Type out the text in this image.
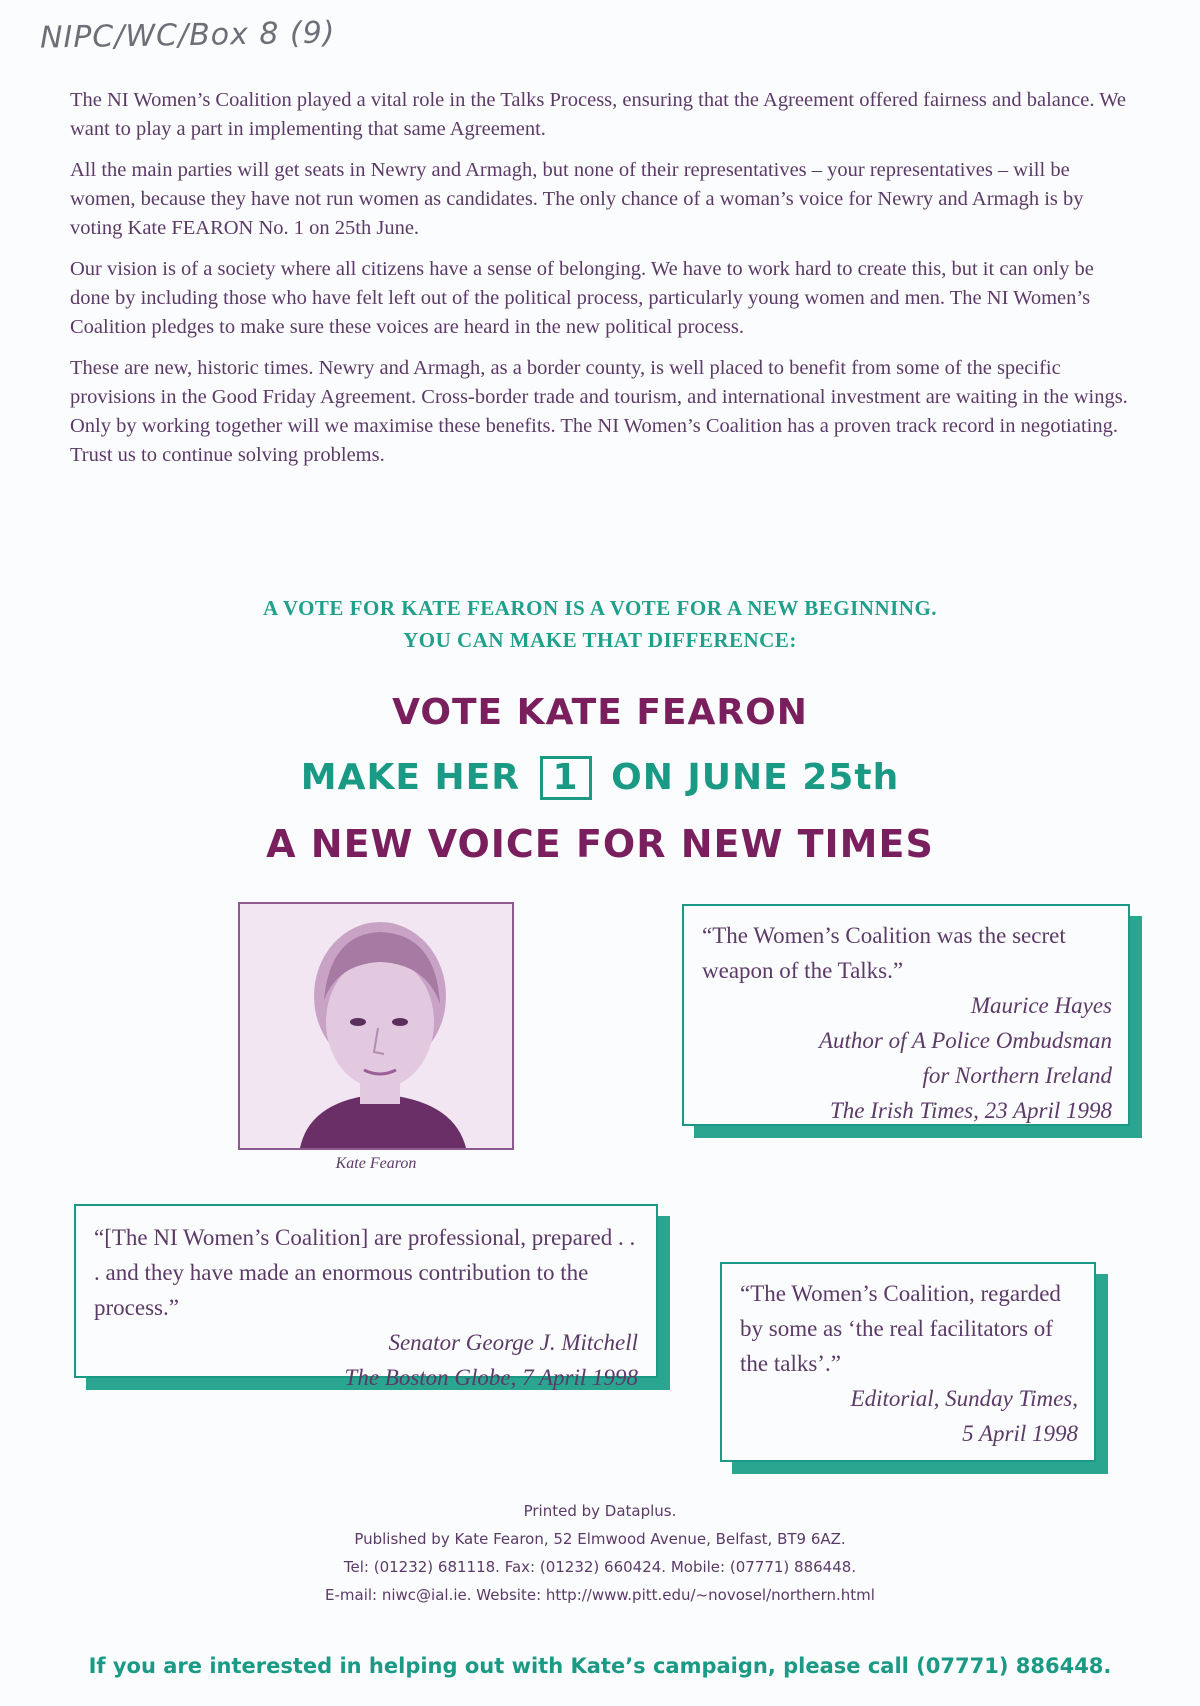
NIPC/WC/Box 8 (9)

The NI Women’s Coalition played a vital role in the Talks Process, ensuring that the Agreement offered fairness and balance. We want to play a part in implementing that same Agreement.

All the main parties will get seats in Newry and Armagh, but none of their representatives – your representatives – will be women, because they have not run women as candidates. The only chance of a woman’s voice for Newry and Armagh is by voting Kate FEARON No. 1 on 25th June.

Our vision is of a society where all citizens have a sense of belonging. We have to work hard to create this, but it can only be done by including those who have felt left out of the political process, particularly young women and men. The NI Women’s Coalition pledges to make sure these voices are heard in the new political process.

These are new, historic times. Newry and Armagh, as a border county, is well placed to benefit from some of the specific provisions in the Good Friday Agreement. Cross-border trade and tourism, and international investment are waiting in the wings. Only by working together will we maximise these benefits. The NI Women’s Coalition has a proven track record in negotiating. Trust us to continue solving problems.

A VOTE FOR KATE FEARON IS A VOTE FOR A NEW BEGINNING.
YOU CAN MAKE THAT DIFFERENCE:
VOTE KATE FEARON
MAKE HER 1 ON JUNE 25th
A NEW VOICE FOR NEW TIMES
Kate Fearon

“The Women’s Coalition was the secret weapon of the Talks.”

Maurice Hayes

Author of A Police Ombudsman

for Northern Ireland

The Irish Times, 23 April 1998

“[The NI Women’s Coalition] are professional, prepared . . . and they have made an enormous contribution to the process.”

Senator George J. Mitchell

The Boston Globe, 7 April 1998

“The Women’s Coalition, regarded by some as ‘the real facilitators of the talks’.”

Editorial, Sunday Times,

5 April 1998

Printed by Dataplus.
Published by Kate Fearon, 52 Elmwood Avenue, Belfast, BT9 6AZ.
Tel: (01232) 681118. Fax: (01232) 660424. Mobile: (07771) 886448.
E-mail: niwc@ial.ie. Website: http://www.pitt.edu/~novosel/northern.html
If you are interested in helping out with Kate’s campaign, please call (07771) 886448.
